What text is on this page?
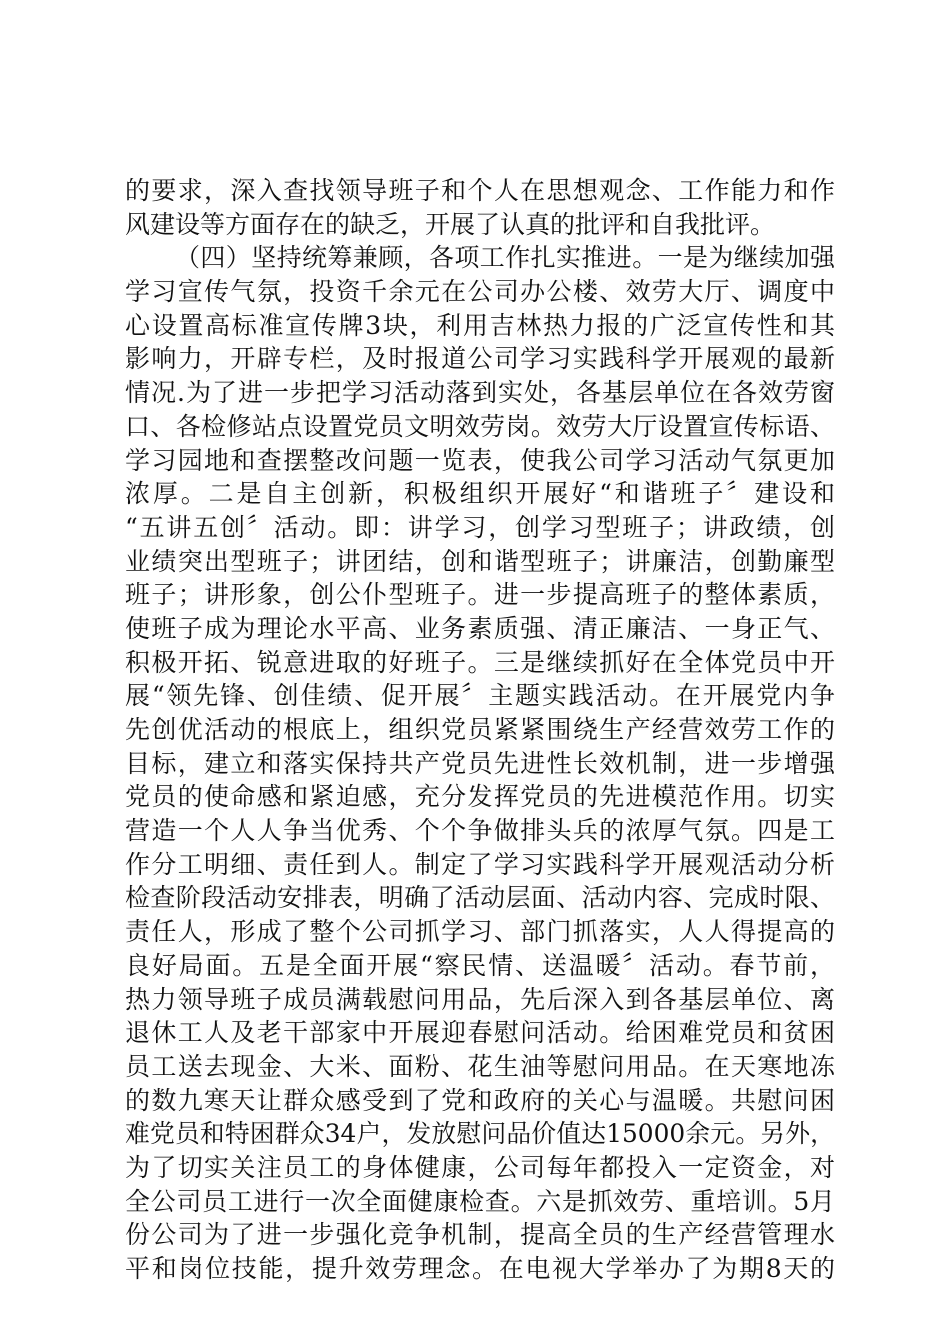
的要求，深入查找领导班子和个人在思想观念、工作能力和作
风建设等方面存在的缺乏，开展了认真的批评和自我批评。
（四）坚持统筹兼顾，各项工作扎实推进。一是为继续加强
学习宣传气氛，投资千余元在公司办公楼、效劳大厅、调度中
心设置高标准宣传牌3块，利用吉林热力报的广泛宣传性和其
影响力，开辟专栏，及时报道公司学习实践科学开展观的最新
情况.为了进一步把学习活动落到实处，各基层单位在各效劳窗
口、各检修站点设置党员文明效劳岗。效劳大厅设置宣传标语、
学习园地和查摆整改问题一览表，使我公司学习活动气氛更加
浓厚。二是自主创新，积极组织开展好“和谐班子〞建设和
“五讲五创〞活动。即：讲学习，创学习型班子；讲政绩，创
业绩突出型班子；讲团结，创和谐型班子；讲廉洁，创勤廉型
班子；讲形象，创公仆型班子。进一步提高班子的整体素质，
使班子成为理论水平高、业务素质强、清正廉洁、一身正气、
积极开拓、锐意进取的好班子。三是继续抓好在全体党员中开
展“领先锋、创佳绩、促开展〞主题实践活动。在开展党内争
先创优活动的根底上，组织党员紧紧围绕生产经营效劳工作的
目标，建立和落实保持共产党员先进性长效机制，进一步增强
党员的使命感和紧迫感，充分发挥党员的先进模范作用。切实
营造一个人人争当优秀、个个争做排头兵的浓厚气氛。四是工
作分工明细、责任到人。制定了学习实践科学开展观活动分析
检查阶段活动安排表，明确了活动层面、活动内容、完成时限、
责任人，形成了整个公司抓学习、部门抓落实，人人得提高的
良好局面。五是全面开展“察民情、送温暖〞活动。春节前，
热力领导班子成员满载慰问用品，先后深入到各基层单位、离
退休工人及老干部家中开展迎春慰问活动。给困难党员和贫困
员工送去现金、大米、面粉、花生油等慰问用品。在天寒地冻
的数九寒天让群众感受到了党和政府的关心与温暖。共慰问困
难党员和特困群众34户，发放慰问品价值达15000余元。另外，
为了切实关注员工的身体健康，公司每年都投入一定资金，对
全公司员工进行一次全面健康检查。六是抓效劳、重培训。5月
份公司为了进一步强化竞争机制，提高全员的生产经营管理水
平和岗位技能，提升效劳理念。在电视大学举办了为期8天的
